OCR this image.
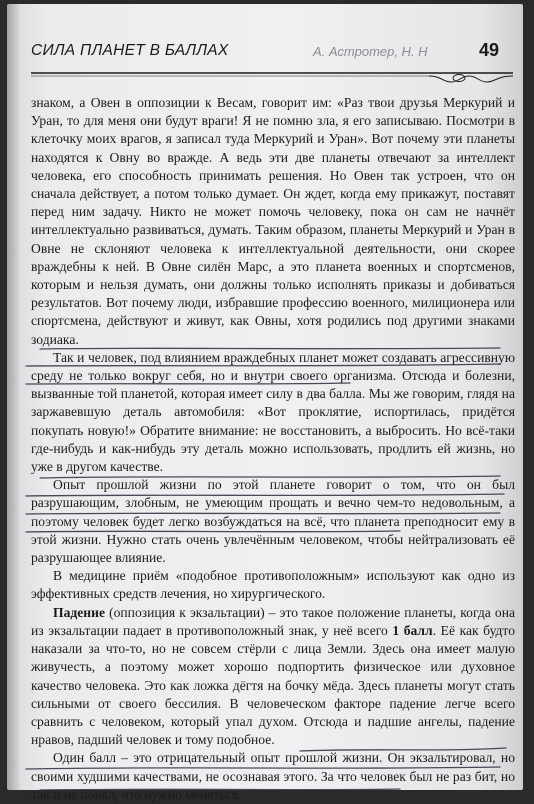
СИЛА ПЛАНЕТ В БАЛЛАХ	А. Астротер, Н. Н	49

знаком, а Овен в оппозиции к Весам, говорит им: «Раз твои друзья Меркурий и Уран, то для меня они будут враги! Я не помню зла, я его записываю. Посмотри в клеточку моих врагов, я записал туда Меркурий и Уран». Вот почему эти планеты находятся к Овну во вражде. А ведь эти две планеты отвечают за интеллект человека, его способность принимать решения. Но Овен так устроен, что он сначала действует, а потом только думает. Он ждет, когда ему прикажут, поставят перед ним задачу. Никто не может помочь человеку, пока он сам не начнёт интеллектуально развиваться, думать. Таким образом, планеты Меркурий и Уран в Овне не склоняют человека к интеллектуальной деятельности, они скорее враждебны к ней. В Овне силён Марс, а это планета военных и спортсменов, которым и нельзя думать, они должны только исполнять приказы и добиваться результатов. Вот почему люди, избравшие профессию военного, милиционера или спортсмена, действуют и живут, как Овны, хотя родились под другими знаками зодиака.

Так и человек, под влиянием враждебных планет может создавать агрессивную среду не только вокруг себя, но и внутри своего организма. Отсюда и болезни, вызванные той планетой, которая имеет силу в два балла. Мы же говорим, глядя на заржавевшую деталь автомобиля: «Вот проклятие, испортилась, придётся покупать новую!» Обратите внимание: не восстановить, а выбросить. Но всё-таки где-нибудь и как-нибудь эту деталь можно использовать, продлить ей жизнь, но уже в другом качестве.

Опыт прошлой жизни по этой планете говорит о том, что он был разрушающим, злобным, не умеющим прощать и вечно чем-то недовольным, а поэтому человек будет легко возбуждаться на всё, что планета преподносит ему в этой жизни. Нужно стать очень увлечённым человеком, чтобы нейтрализовать её разрушающее влияние.

В медицине приём «подобное противоположным» используют как одно из эффективных средств лечения, но хирургического.

Падение (оппозиция к экзальтации) – это такое положение планеты, когда она из экзальтации падает в противоположный знак, у неё всего 1 балл. Её как будто наказали за что-то, но не совсем стёрли с лица Земли. Здесь она имеет малую живучесть, а поэтому может хорошо подпортить физическое или духовное качество человека. Это как ложка дёгтя на бочку мёда. Здесь планеты могут стать сильными от своего бессилия. В человеческом факторе падение легче всего сравнить с человеком, который упал духом. Отсюда и падшие ангелы, падение нравов, падший человек и тому подобное.

Один балл – это отрицательный опыт прошлой жизни. Он экзальтировал, но своими худшими качествами, не осознавая этого. За что человек был не раз бит, но так и не понял, что нужно меняться.
